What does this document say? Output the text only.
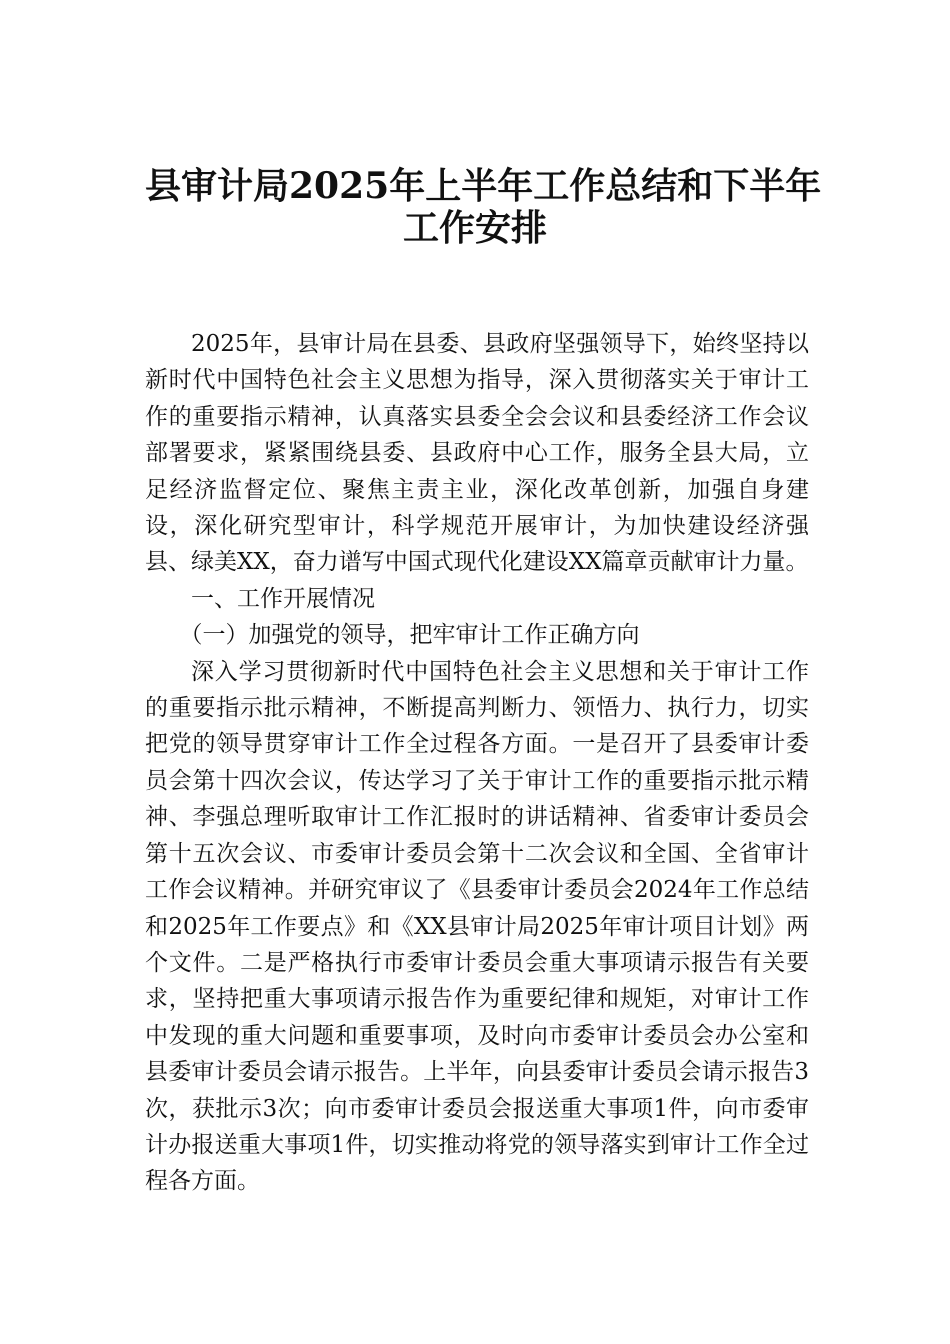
县审计局2025年上半年工作总结和下半年
工作安排

2025年，县审计局在县委、县政府坚强领导下，始终坚持以新时代中国特色社会主义思想为指导，深入贯彻落实关于审计工作的重要指示精神，认真落实县委全会会议和县委经济工作会议部署要求，紧紧围绕县委、县政府中心工作，服务全县大局，立足经济监督定位、聚焦主责主业，深化改革创新，加强自身建设，深化研究型审计，科学规范开展审计，为加快建设经济强县、绿美XX，奋力谱写中国式现代化建设XX篇章贡献审计力量。

一、工作开展情况
（一）加强党的领导，把牢审计工作正确方向

深入学习贯彻新时代中国特色社会主义思想和关于审计工作的重要指示批示精神，不断提高判断力、领悟力、执行力，切实把党的领导贯穿审计工作全过程各方面。一是召开了县委审计委员会第十四次会议，传达学习了关于审计工作的重要指示批示精神、李强总理听取审计工作汇报时的讲话精神、省委审计委员会第十五次会议、市委审计委员会第十二次会议和全国、全省审计工作会议精神。并研究审议了《县委审计委员会2024年工作总结和2025年工作要点》和《XX县审计局2025年审计项目计划》两个文件。二是严格执行市委审计委员会重大事项请示报告有关要求，坚持把重大事项请示报告作为重要纪律和规矩，对审计工作中发现的重大问题和重要事项，及时向市委审计委员会办公室和县委审计委员会请示报告。上半年，向县委审计委员会请示报告3次，获批示3次；向市委审计委员会报送重大事项1件，向市委审计办报送重大事项1件，切实推动将党的领导落实到审计工作全过程各方面。
